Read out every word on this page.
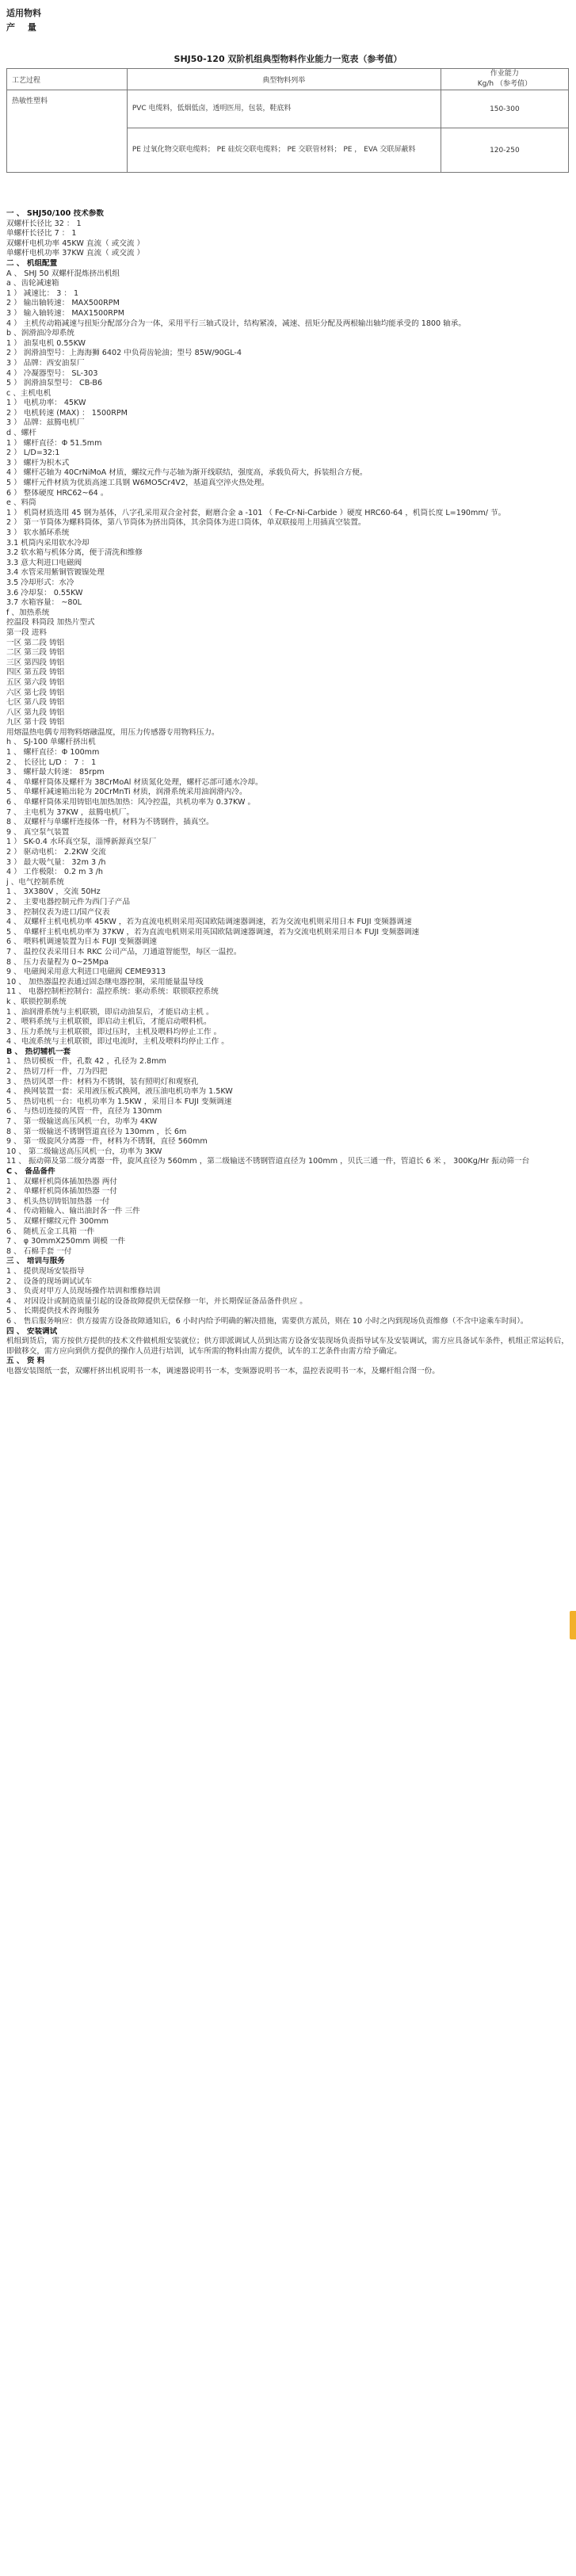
适用物料
产 量
SHJ50-120 双阶机组典型物料作业能力一览表（参考值）
工艺过程	典型物料列举	作业能力
Kg/h （参考值）
热敏性塑料	PVC 电缆料，低烟低卤，透明医用，包装，鞋底料	150-300
	PE 过氧化物交联电缆料； PE 硅烷交联电缆料； PE 交联管材料； PE ， EVA 交联屏蔽料	120-250
一 、 SHJ50/100 技术参数
双螺杆长径比 32 ： 1
单螺杆长径比 7 ： 1
双螺杆电机功率 45KW 直流（ 或交流 ）
单螺杆电机功率 37KW 直流（ 或交流 ）
二 、 机组配置
A 、 SHJ 50 双螺杆混炼挤出机组
a 、齿轮减速箱
1 ） 减速比： 3 ： 1
2 ） 输出轴转速： MAX500RPM
3 ） 输入轴转速： MAX1500RPM
4 ） 主机传动箱减速与扭矩分配部分合为一体，采用平行三轴式设计，结构紧凑，减速、扭矩分配及两根输出轴均能承受的 1800 轴承。
b 、润滑油冷却系统
1 ） 油泵电机 0.55KW
2 ） 润滑油型号：上海海狮 6402 中负荷齿轮油；型号 85W/90GL-4
3 ） 品牌：西安油泵厂
4 ） 冷凝器型号： SL-303
5 ） 润滑油泵型号： CB-B6
c 、主机电机
1 ） 电机功率： 45KW
2 ） 电机转速 (MAX) ： 1500RPM
3 ） 品牌：兹腾电机厂
d 、螺杆
1 ） 螺杆直径：Φ 51.5mm
2 ） L/D=32:1
3 ） 螺杆为积木式
4 ） 螺杆芯轴为 40CrNiMoA 材质，螺纹元件与芯轴为渐开线联结，强度高，承载负荷大，拆装组合方便。
5 ） 螺杆元件材质为优质高速工具钢 W6MO5Cr4V2，基道真空淬火热处理。
6 ） 整体硬度 HRC62~64 。
e 、料筒
1 ） 机筒材质选用 45 钢为基体，八字孔采用双合金衬套，耐磨合金 a -101 （ Fe-Cr-Ni-Carbide ）硬度 HRC60-64 ，机筒长度 L=190mm/ 节。
2 ） 第一节筒体为螺料筒体，第八节筒体为挤出筒体，其余筒体为进口筒体，单双联接用上用插真空装置。
3 ） 软水循环系统
3.1 机筒内采用软水冷却
3.2 软水箱与机体分离，便于清洗和维修
3.3 意大利进口电磁阀
3.4 水管采用紫铜管镀镍处理
3.5 冷却形式：水冷
3.6 冷却泵： 0.55KW
3.7 水箱容量： ~80L
f 、加热系统
控温段 料筒段 加热片型式
第一段 进料
一区 第二段 铸铝
二区 第三段 铸铝
三区 第四段 铸铝
四区 第五段 铸铝
五区 第六段 铸铝
六区 第七段 铸铝
七区 第八段 铸铝
八区 第九段 铸铝
九区 第十段 铸铝
用熔温热电偶专用物料熔融温度，用压力传感器专用物料压力。
h 、 SJ-100 单螺杆挤出机
1 、 螺杆直径：Φ 100mm
2 、 长径比 L/D ： 7 ： 1
3 、 螺杆最大转速： 85rpm
4 、 单螺杆筒体及螺杆为 38CrMoAl 材质氮化处理，螺杆芯部可通水冷却。
5 、 单螺杆减速箱出轮为 20CrMnTi 材质，润滑系统采用油润滑内冷。
6 、 单螺杆筒体采用铸铝电加热加热：风冷控温，共机功率为 0.37KW 。
7 、 主电机为 37KW ，兹腾电机厂。
8 、 双螺杆与单螺杆连接体一件，材料为不锈钢件，插真空。
9 、 真空泵气装置
1 ） SK-0.4 水环真空泵，淄博新源真空泵厂
2 ） 驱动电机： 2.2KW 交流
3 ） 最大吸气量： 32m 3 /h
4 ） 工作极限： 0.2 m 3 /h
j 、电气控制系统
1 、 3X380V ，交流 50Hz
2 、 主要电器控制元件为西门子产品
3 、 控制仪表为进口/国产仪表
4 、 双螺杆主机电机功率 45KW ，若为直流电机则采用英国欧陆调速器调速，若为交流电机则采用日本 FUJI 变频器调速
5 、 单螺杆主机电机功率为 37KW ，若为直流电机则采用英国欧陆调速器调速，若为交流电机则采用日本 FUJI 变频器调速
6 、 喂料机调速装置为日本 FUJI 变频器调速
7 、 温控仪表采用日本 RKC 公司产品，刀通道智能型，每区一温控。
8 、 压力表量程为 0~25Mpa
9 、 电磁阀采用意大利进口电磁阀 CEME9313
10 、 加热器温控表通过固态继电器控制，采用能量温导线
11 、 电器控制柜控制台：温控系统：驱动系统：联锁联控系统
k 、联锁控制系统
1 、油润滑系统与主机联锁，即启动油泵后，才能启动主机 。
2 、喂料系统与主机联锁，即启动主机后，才能启动喂料机。
3 、压力系统与主机联锁，即过压时，主机及喂料均停止工作 。
4 、电流系统与主机联锁，即过电流时，主机及喂料均停止工作 。
B 、 热切辅机一套
1 、 热切模板一件，孔数 42 ，孔径为 2.8mm
2 、 热切刀杆一件，刀为四把
3 、 热切风罩一件：材料为不锈钢，装有照明灯和观察孔
4 、 换网装置一套：采用液压板式换网，液压油电机功率为 1.5KW
5 、 热切电机一台：电机功率为 1.5KW ，采用日本 FUJI 变频调速
6 、 与热切连接的风管一件，直径为 130mm
7 、 第一级输送高压风机一台，功率为 4KW
8 、 第一级输送不锈钢管道直径为 130mm ，长 6m
9 、 第一级旋风分离器一件，材料为不锈钢，直径 560mm
10 、 第二级输送高压风机一台，功率为 3KW
11 、 振动筛及第二级分离器一件，旋风直径为 560mm ，第二级输送不锈钢管道直径为 100mm ，贝氏三通一件，管道长 6 米 ， 300Kg/Hr 振动筛一台
C 、 备品备件
1 、 双螺杆机筒体插加热器 两付
2 、 单螺杆机筒体插加热器 一付
3 、 机头热切铸铝加热器 一付
4 、 传动箱输入、输出油封各一件 三件
5 、 双螺杆螺纹元件 300mm
6 、 随机五金工具箱 一件
7 、 φ 30mmX250mm 调模 一件
8 、 石棉手套 一付
三 、 培训与服务
1 、 提供现场安装指导
2 、 设备的现场调试试车
3 、 负责对甲方人员现场操作培训和维修培训
4 、 对因设计或制造质量引起的设备故障提供无偿保修一年，并长期保证备品备件供应 。
5 、 长期提供技术咨询服务
6 、 售后服务响应：供方接需方设备故障通知后，6 小时内给予明确的解决措施，需要供方派员，则在 10 小时之内到现场负责维修（不含中途乘车时间）。
四 、 安装调试
机组到货后，需方按供方提供的技术文件做机组安装就位；供方即派调试人员到达需方设备安装现场负责指导试车及安装调试，需方应具备试车条件，机组正常运转后，即做移交，需方应向到供方提供的操作人员进行培训，试车所需的物料由需方提供，试车的工艺条件由需方给予确定。
五 、 资 料
电器安装图纸一套，双螺杆挤出机说明书一本，调速器说明书一本，变频器说明书一本，温控表说明书一本，及螺杆组合图一份。
